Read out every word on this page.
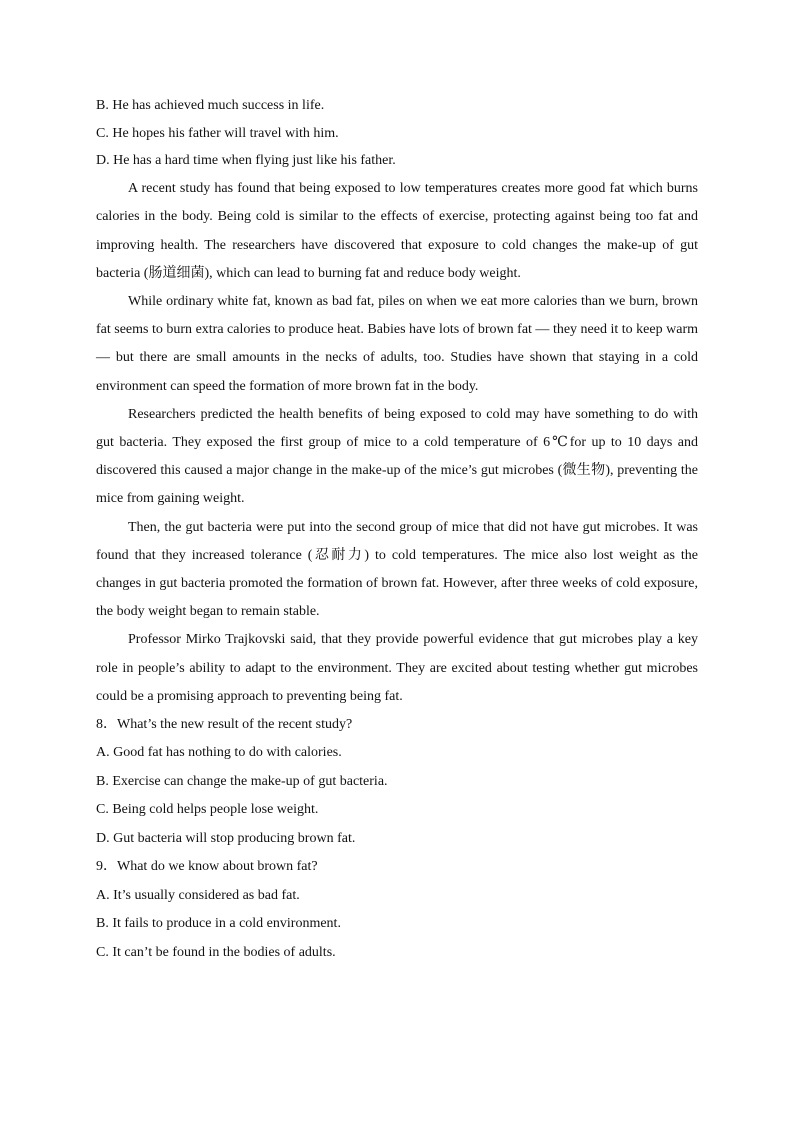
B. He has achieved much success in life.

C. He hopes his father will travel with him.

D. He has a hard time when flying just like his father.

A recent study has found that being exposed to low temperatures creates more good fat which burns calories in the body. Being cold is similar to the effects of exercise, protecting against being too fat and improving health. The researchers have discovered that exposure to cold changes the make-up of gut bacteria (肠道细菌), which can lead to burning fat and reduce body weight.

While ordinary white fat, known as bad fat, piles on when we eat more calories than we burn, brown fat seems to burn extra calories to produce heat. Babies have lots of brown fat — they need it to keep warm — but there are small amounts in the necks of adults, too. Studies have shown that staying in a cold environment can speed the formation of more brown fat in the body.

Researchers predicted the health benefits of being exposed to cold may have something to do with gut bacteria. They exposed the first group of mice to a cold temperature of 6℃for up to 10 days and discovered this caused a major change in the make-up of the mice’s gut microbes (微生物), preventing the mice from gaining weight.

Then, the gut bacteria were put into the second group of mice that did not have gut microbes. It was found that they increased tolerance (忍耐力) to cold temperatures. The mice also lost weight as the changes in gut bacteria promoted the formation of brown fat. However, after three weeks of cold exposure, the body weight began to remain stable.

Professor Mirko Trajkovski said, that they provide powerful evidence that gut microbes play a key role in people’s ability to adapt to the environment. They are excited about testing whether gut microbes could be a promising approach to preventing being fat.

8．What’s the new result of the recent study?

A. Good fat has nothing to do with calories.

B. Exercise can change the make-up of gut bacteria.

C. Being cold helps people lose weight.

D. Gut bacteria will stop producing brown fat.

9．What do we know about brown fat?

A. It’s usually considered as bad fat.

B. It fails to produce in a cold environment.

C. It can’t be found in the bodies of adults.
